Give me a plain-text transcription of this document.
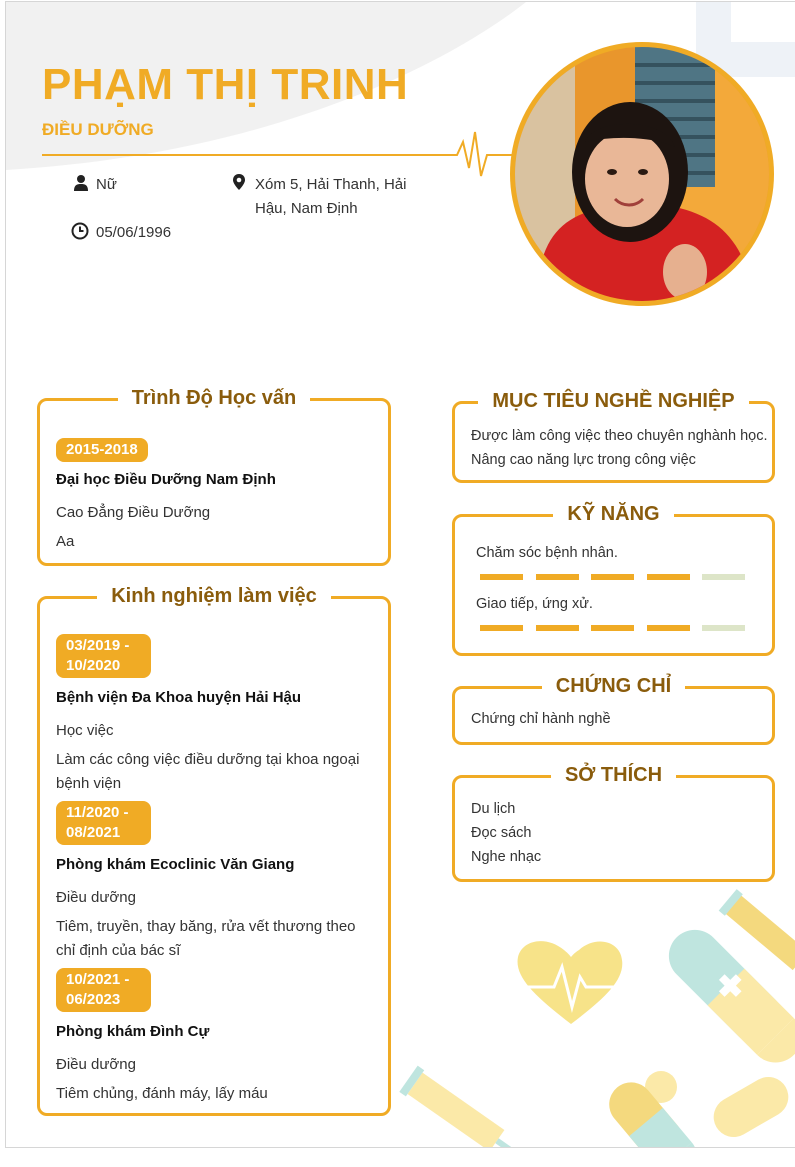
PHẠM THỊ TRINH
ĐIỀU DƯỠNG
Nữ	Xóm 5, Hải Thanh, Hải Hậu, Nam Định
05/06/1996
Trình Độ Học vấn
2015-2018
Đại học Điều Dưỡng Nam Định
Cao Đẳng Điều Dưỡng
Aa
Kinh nghiệm làm việc
03/2019 - 10/2020
Bệnh viện Đa Khoa huyện Hải Hậu
Học việc
Làm các công việc điều dưỡng tại khoa ngoại bệnh viện
11/2020 - 08/2021
Phòng khám Ecoclinic Văn Giang
Điều dưỡng
Tiêm, truyền, thay băng, rửa vết thương theo chỉ định của bác sĩ
10/2021 - 06/2023
Phòng khám Đình Cự
Điều dưỡng
Tiêm chủng, đánh máy, lấy máu
MỤC TIÊU NGHỀ NGHIỆP
Được làm công việc theo chuyên nghành học. Nâng cao năng lực trong công việc
KỸ NĂNG
Chăm sóc bệnh nhân.
Giao tiếp, ứng xử.
CHỨNG CHỈ
Chứng chỉ hành nghề
SỞ THÍCH
Du lịch
Đọc sách
Nghe nhạc
